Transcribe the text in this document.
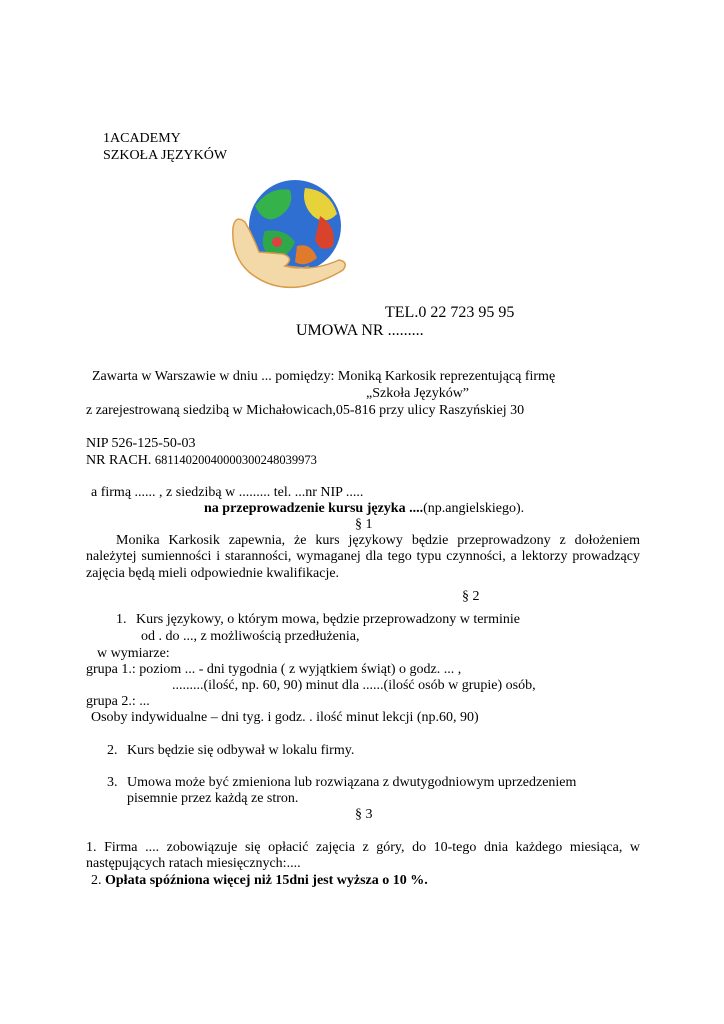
1ACADEMY
SZKOŁA JĘZYKÓW
TEL.0 22 723 95 95
UMOWA NR .........
Zawarta w Warszawie w dniu ... pomiędzy: Moniką Karkosik reprezentującą firmę
„Szkoła Języków”
z zarejestrowaną siedzibą w Michałowicach,05-816 przy ulicy Raszyńskiej 30
NIP 526-125-50-03
NR RACH. 68114020040000300248039973
a firmą ...... , z siedzibą w ......... tel. ...nr NIP .....
na przeprowadzenie kursu języka ....(np.angielskiego).
§ 1
Monika Karkosik zapewnia, że kurs językowy będzie przeprowadzony z dołożeniem
należytej sumienności i staranności, wymaganej dla tego typu czynności, a lektorzy prowadzący
zajęcia będą mieli odpowiednie kwalifikacje.
§ 2
1. Kurs językowy, o którym mowa, będzie przeprowadzony w terminie
od . do ..., z możliwością przedłużenia,
w wymiarze:
grupa 1.: poziom ... - dni tygodnia ( z wyjątkiem świąt) o godz. ... ,
.........(ilość, np. 60, 90) minut dla ......(ilość osób w grupie) osób,
grupa 2.: ...
Osoby indywidualne – dni tyg. i godz. . ilość minut lekcji (np.60, 90)
2. Kurs będzie się odbywał w lokalu firmy.
3. Umowa może być zmieniona lub rozwiązana z dwutygodniowym uprzedzeniem
pisemnie przez każdą ze stron.
§ 3
1. Firma .... zobowiązuje się opłacić zajęcia z góry, do 10-tego dnia każdego miesiąca, w
następujących ratach miesięcznych:....
2. Opłata spóźniona więcej niż 15dni jest wyższa o 10 %.
